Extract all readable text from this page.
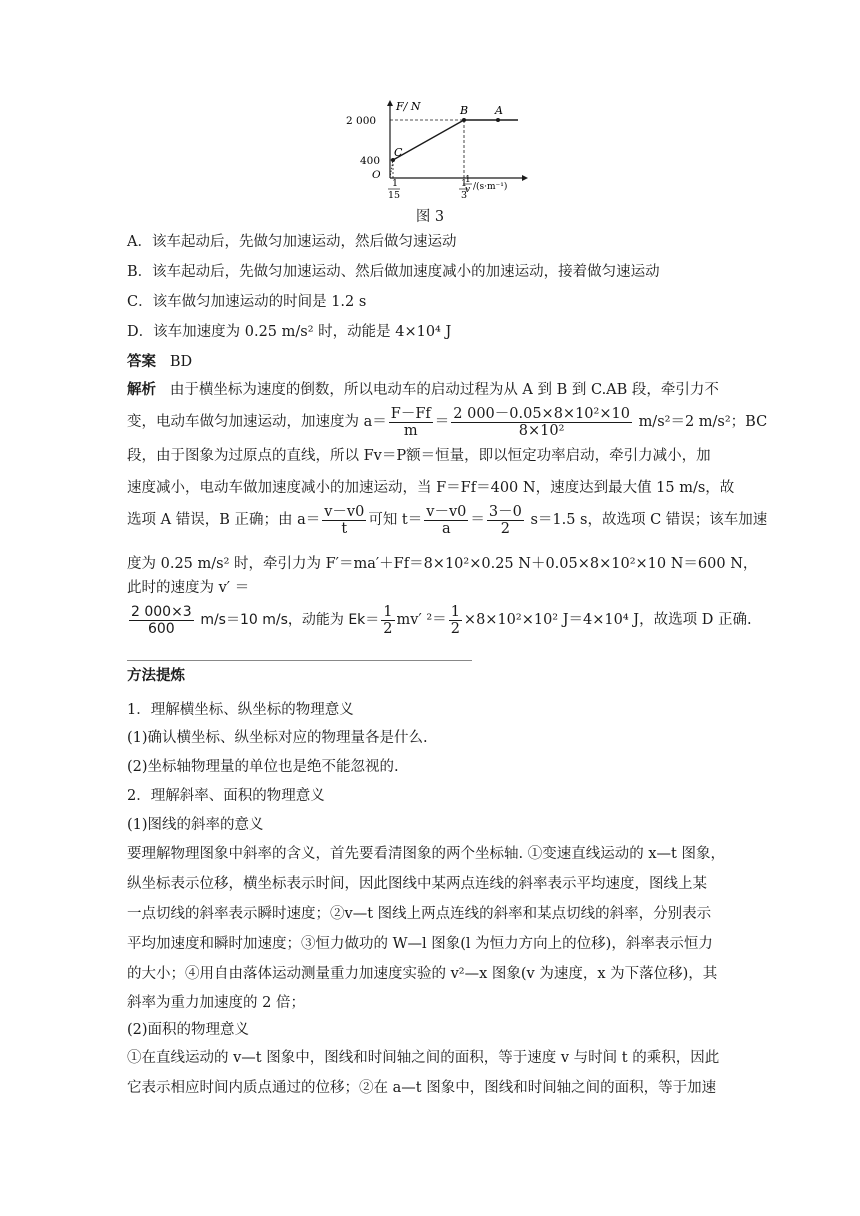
F/ N	B A
C
2 000
400
O
1
15
1
3
1
v /(s·m⁻¹)
图 3
A．该车起动后，先做匀加速运动，然后做匀速运动
B．该车起动后，先做匀加速运动、然后做加速度减小的加速运动，接着做匀速运动
C．该车做匀加速运动的时间是 1.2 s
D．该车加速度为 0.25 m/s² 时，动能是 4×10⁴ J
答案 BD
解析 由于横坐标为速度的倒数，所以电动车的启动过程为从 A 到 B 到 C.AB 段，牵引力不
变，电动车做匀加速运动，加速度为 $a= \frac{F-Ff}{m} = \frac{\text{2 000－0.05×8×10²×10}}{\text{8×10²}} m/s^2=2$ m/s²；BC
段，由于图象为过原点的直线，所以 Fv＝P额＝恒量，即以恒定功率启动，牵引力减小，加
速度减小，电动车做加速度减小的加速运动，当 F＝Ff＝400 N，速度达到最大值 15 m/s，故
选项 A 错误，B 正确；由 $a= \frac{v-v0}{t}$ 可知 $t= \frac{v-v0}{a} = \frac{3-0}{2} s=1.5$ s，故选项 C 错误；该车加速
度为 0.25 m/s² 时，牵引力为 F′＝ma′＋Ff＝8×10²×0.25 N＋0.05×8×10²×10 N＝600 N，
此时的速度为 v′ ＝
$\frac{2 000\times 3}{600} m/s=10$ m/s，动能为 $Ek= \frac{1}{2} mv'$ $^2= \frac{1}{2} \times 8\times 10^2\times 10^2$ J＝4×10⁴ J，故选项 D 正确.
方法提炼
1．理解横坐标、纵坐标的物理意义
(1)确认横坐标、纵坐标对应的物理量各是什么.
(2)坐标轴物理量的单位也是绝不能忽视的.
2．理解斜率、面积的物理意义
(1)图线的斜率的意义
要理解物理图象中斜率的含义，首先要看清图象的两个坐标轴. ①变速直线运动的 x—t 图象，
纵坐标表示位移，横坐标表示时间，因此图线中某两点连线的斜率表示平均速度，图线上某
一点切线的斜率表示瞬时速度；②v—t 图线上两点连线的斜率和某点切线的斜率，分别表示
平均加速度和瞬时加速度；③恒力做功的 W—l 图象(l 为恒力方向上的位移)，斜率表示恒力
的大小；④用自由落体运动测量重力加速度实验的 v²—x 图象(v 为速度，x 为下落位移)，其
斜率为重力加速度的 2 倍；
(2)面积的物理意义
①在直线运动的 v—t 图象中，图线和时间轴之间的面积，等于速度 v 与时间 t 的乘积，因此
它表示相应时间内质点通过的位移；②在 a—t 图象中，图线和时间轴之间的面积，等于加速
